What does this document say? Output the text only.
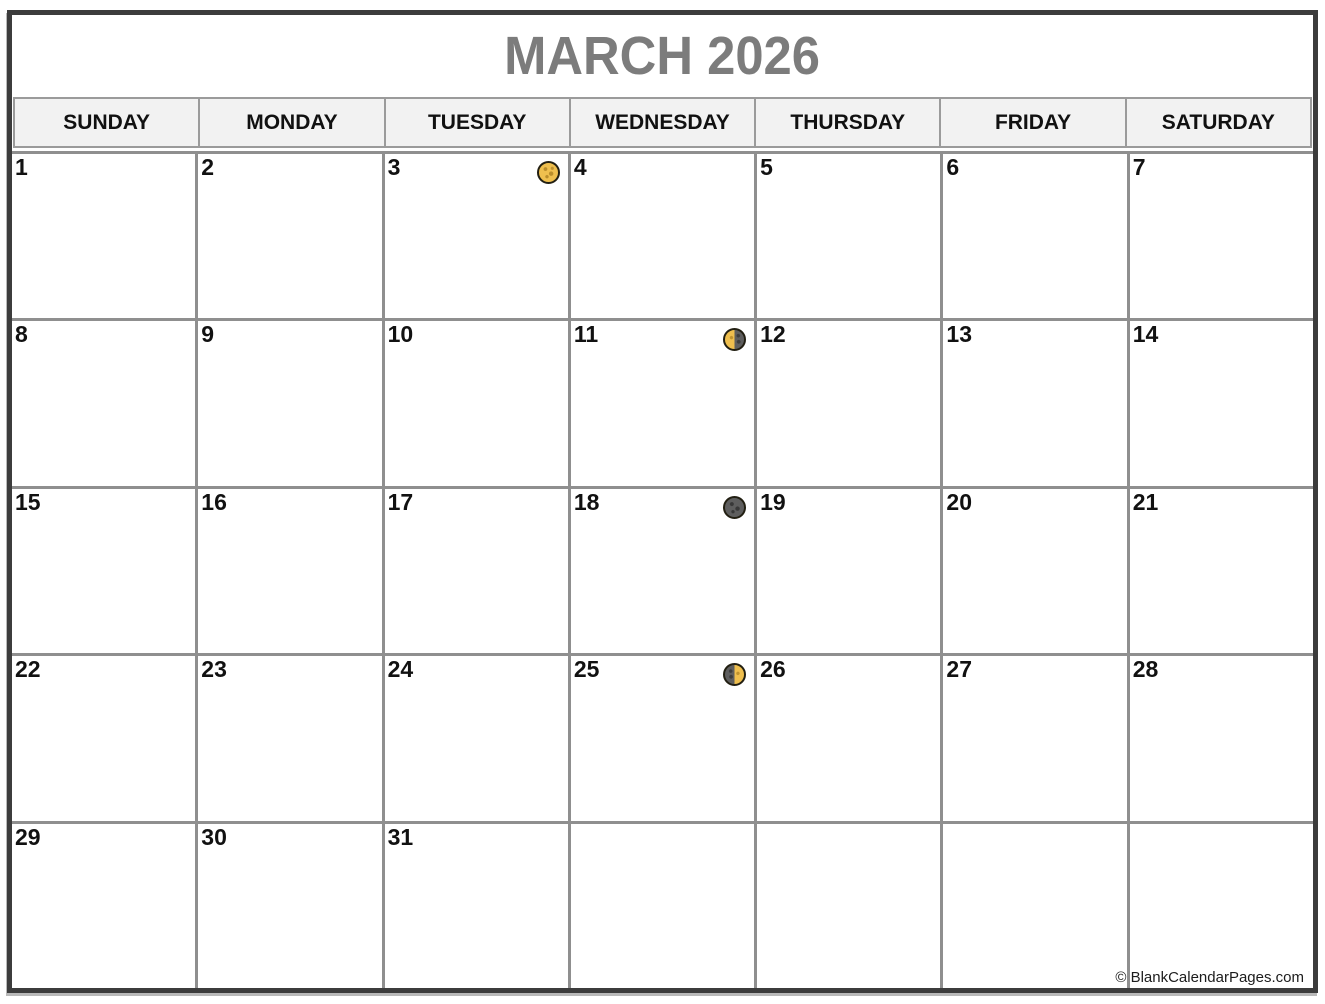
MARCH 2026
SUNDAY	MONDAY	TUESDAY	WEDNESDAY	THURSDAY	FRIDAY	SATURDAY
1	2	3	4	5	6	7
8	9	10	11	12	13	14
15	16	17	18	19	20	21
22	23	24	25	26	27	28
29	30	31
© BlankCalendarPages.com
